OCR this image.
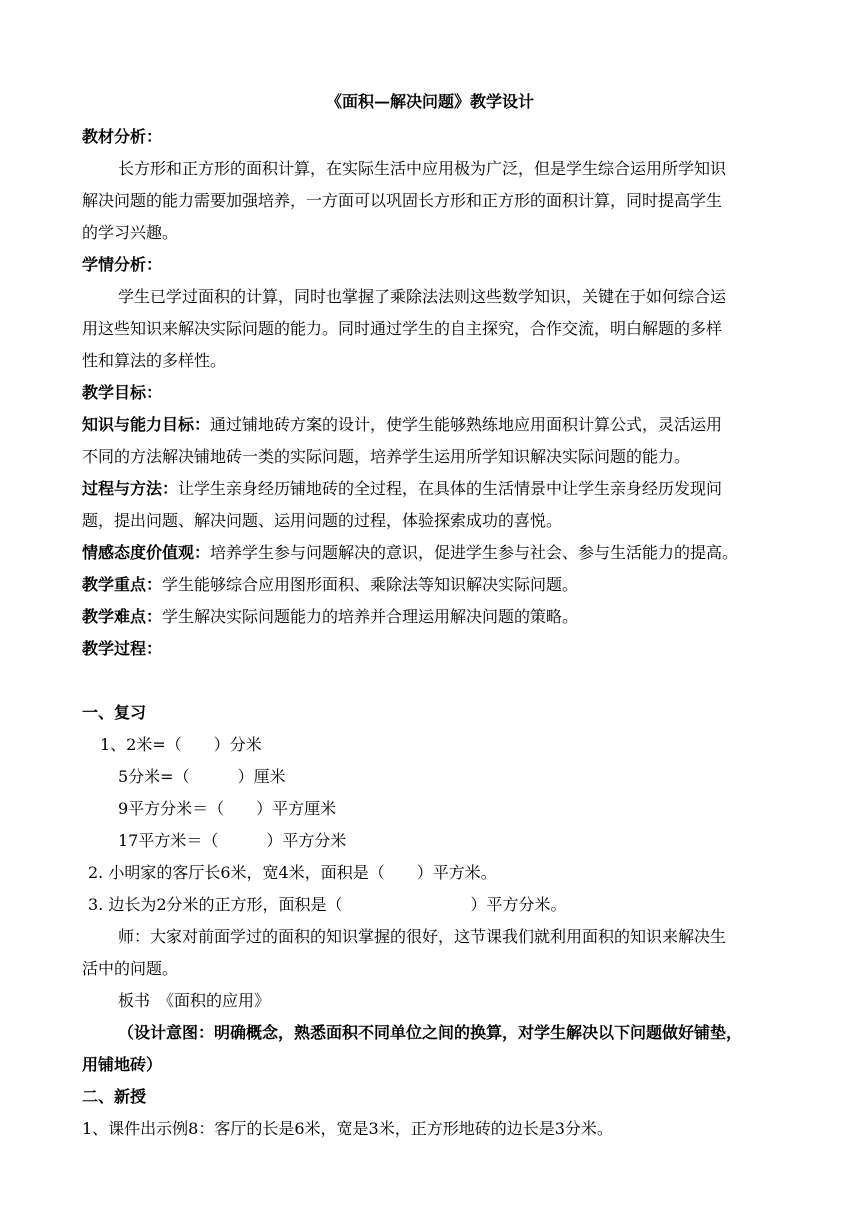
《面积—解决问题》教学设计
教材分析：
长方形和正方形的面积计算，在实际生活中应用极为广泛，但是学生综合运用所学知识
解决问题的能力需要加强培养，一方面可以巩固长方形和正方形的面积计算，同时提高学生
的学习兴趣。
学情分析：
学生已学过面积的计算，同时也掌握了乘除法法则这些数学知识，关键在于如何综合运
用这些知识来解决实际问题的能力。同时通过学生的自主探究，合作交流，明白解题的多样
性和算法的多样性。
教学目标：
知识与能力目标：通过铺地砖方案的设计，使学生能够熟练地应用面积计算公式，灵活运用
不同的方法解决铺地砖一类的实际问题，培养学生运用所学知识解决实际问题的能力。
过程与方法：让学生亲身经历铺地砖的全过程，在具体的生活情景中让学生亲身经历发现问
题，提出问题、解决问题、运用问题的过程，体验探索成功的喜悦。
情感态度价值观：培养学生参与问题解决的意识，促进学生参与社会、参与生活能力的提高。
教学重点：学生能够综合应用图形面积、乘除法等知识解决实际问题。
教学难点：学生解决实际问题能力的培养并合理运用解决问题的策略。
教学过程：
一、复习
1、2米=（　　）分米
5分米=（　　　）厘米
9平方分米＝（　　）平方厘米
17平方米＝（　　　）平方分米
2. 小明家的客厅长6米，宽4米，面积是（　　）平方米。
3. 边长为2分米的正方形，面积是（　　　　　　　　）平方分米。
师：大家对前面学过的面积的知识掌握的很好，这节课我们就利用面积的知识来解决生
活中的问题。
板书　《面积的应用》
（设计意图：明确概念，熟悉面积不同单位之间的换算，对学生解决以下问题做好铺垫，
用铺地砖）
二、新授
1、课件出示例8：客厅的长是6米，宽是3米，正方形地砖的边长是3分米。
